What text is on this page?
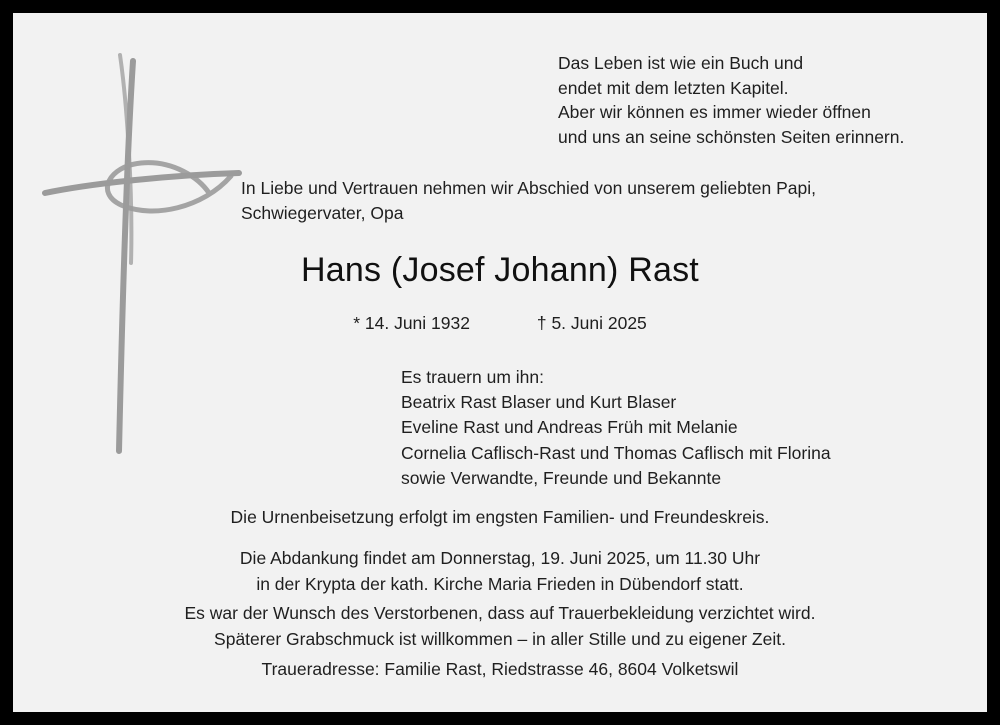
Das Leben ist wie ein Buch und
endet mit dem letzten Kapitel.
Aber wir können es immer wieder öffnen
und uns an seine schönsten Seiten erinnern.
In Liebe und Vertrauen nehmen wir Abschied von unserem geliebten Papi,
Schwiegervater, Opa
Hans (Josef Johann) Rast
* 14. Juni 1932	† 5. Juni 2025
Es trauern um ihn:
Beatrix Rast Blaser und Kurt Blaser
Eveline Rast und Andreas Früh mit Melanie
Cornelia Caflisch-Rast und Thomas Caflisch mit Florina
sowie Verwandte, Freunde und Bekannte
Die Urnenbeisetzung erfolgt im engsten Familien- und Freundeskreis.
Die Abdankung findet am Donnerstag, 19. Juni 2025, um 11.30 Uhr
in der Krypta der kath. Kirche Maria Frieden in Dübendorf statt.
Es war der Wunsch des Verstorbenen, dass auf Trauerbekleidung verzichtet wird.
Späterer Grabschmuck ist willkommen – in aller Stille und zu eigener Zeit.
Traueradresse: Familie Rast, Riedstrasse 46, 8604 Volketswil
